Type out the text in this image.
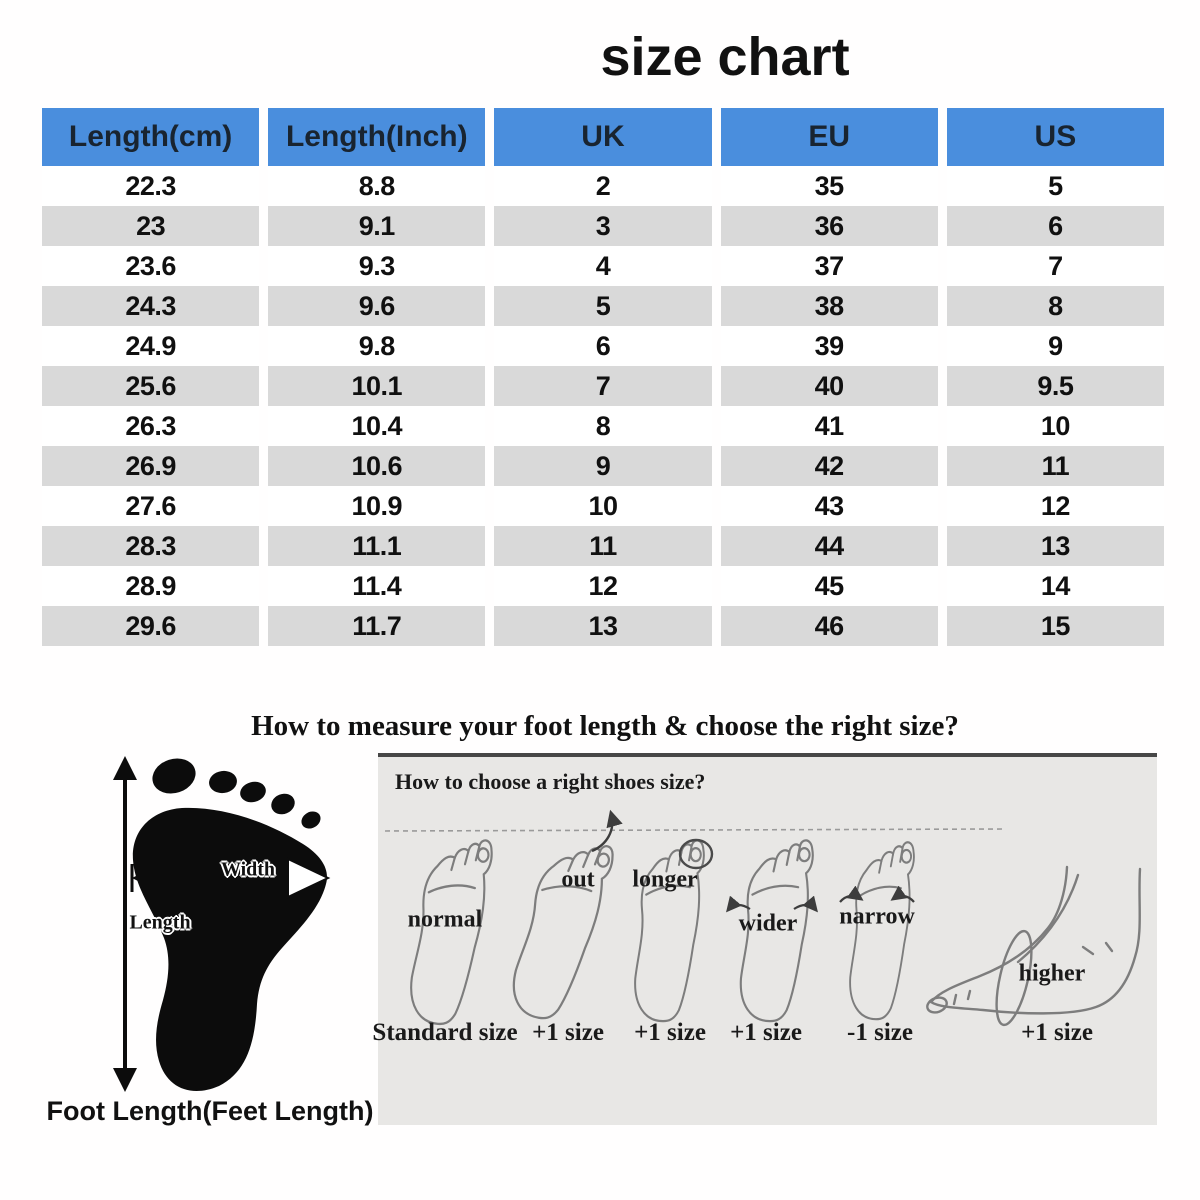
size chart
Length(cm)	Length(Inch)	UK	EU	US
22.3	8.8	2	35	5
23	9.1	3	36	6
23.6	9.3	4	37	7
24.3	9.6	5	38	8
24.9	9.8	6	39	9
25.6	10.1	7	40	9.5
26.3	10.4	8	41	10
26.9	10.6	9	42	11
27.6	10.9	10	43	12
28.3	11.1	11	44	13
28.9	11.4	12	45	14
29.6	11.7	13	46	15
How to measure your foot length & choose the right size?
Width
Length
Foot Length(Feet Length)
How to choose a right shoes size?
normal
out longer
wider narrow
higher
Standard size +1 size +1 size +1 size -1 size	+1 size
